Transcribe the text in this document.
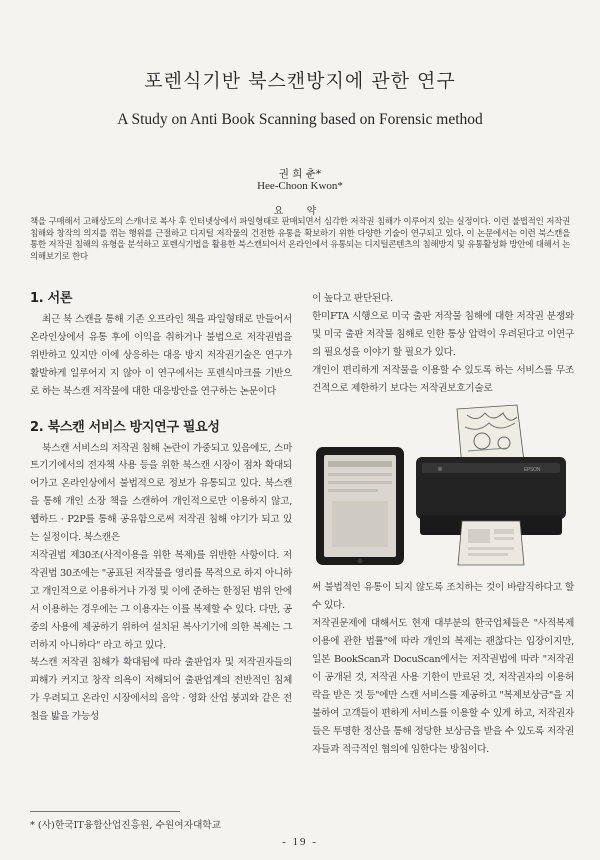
포렌식기반 북스캔방지에 관한 연구
A Study on Anti Book Scanning based on Forensic method
권 희 춘*
Hee-Choon Kwon*
요 약
책을 구매해서 고해상도의 스캐너로 복사 후 인터넷상에서 파일형태로 판매되면서 심각한 저작권 침해가 이루어지 있는 실정이다. 이런 불법적인 저작권 침해와 창작의 의지를 꺾는 행위를 근절하고 디지털 저작물의 건전한 유통을 확보하기 위한 다양한 기술이 연구되고 있다. 이 논문에서는 이런 북스캔을 통한 저작권 침해의 유형을 분석하고 포렌식기법을 활용한 북스캔되어서 온라인에서 유통되는 디지털콘텐츠의 침해방지 및 유통활성화 방안에 대해서 논의해보기로 한다
1. 서론

최근 북 스캔을 통해 기존 오프라인 책을 파일형태로 만들어서 온라인상에서 유통 후에 이익을 취하거나 불법으로 저작권법을 위반하고 있지만 이에 상응하는 대응 방지 저작권기술은 연구가 활발하게 일루어지 지 않아 이 연구에서는 포렌식마크를 기반으로 하는 북스캔 저작물에 대한 대응방안을 연구하는 논문이다

2. 북스캔 서비스 방지연구 필요성

북스캔 서비스의 저작권 침해 논란이 가중되고 있음에도, 스마트기기에서의 전자책 사용 등을 위한 북스캔 시장이 점차 확대되어가고 온라인상에서 불법적으로 정보가 유통되고 있다. 북스캔을 통해 개인 소장 책을 스캔하여 개인적으로만 이용하지 않고, 웹하드 · P2P를 통해 공유함으로써 저작권 침해 야기가 되고 있는 실정이다. 북스캔은

저작권법 제30조(사적이용을 위한 복제)를 위반한 사항이다. 저작권법 30조에는 "공표된 저작물을 영리를 목적으로 하지 아니하고 개인적으로 이용하거나 가정 및 이에 준하는 한정된 범위 안에서 이용하는 경우에는 그 이용자는 이를 복제할 수 있다. 다만, 공중의 사용에 제공하기 위하여 설치된 복사기기에 의한 복제는 그러하지 아니하다" 라고 하고 있다.

북스캔 저작권 침해가 확대됨에 따라 출판업자 및 저작권자들의 피해가 커지고 창작 의욕이 저해되어 출판업계의 전반적인 침체가 우려되고 온라인 시장에서의 음악 · 영화 산업 붕괴와 같은 전철을 밟을 가능성

이 높다고 판단된다.

한미FTA 시행으로 미국 출판 저작물 침해에 대한 저작권 분쟁와 및 미국 출판 저작물 침해로 인한 통상 압력이 우려된다고 이연구의 필요성을 이야기 할 필요가 있다.

개인이 편리하게 저작물을 이용할 수 있도록 하는 서비스를 무조건적으로 제한하기 보다는 저작권보호기술로

EPSON

써 불법적인 유통이 되지 않도록 조치하는 것이 바람직하다고 할 수 있다.

저작권문제에 대해서도 현재 대부분의 한국업체들은 "사적복제 이용에 관한 법률"에 따라 개인의 복제는 괜찮다는 입장이지만, 일본 BookScan과 DocuScan에서는 저작권법에 따라 "저작권이 공개된 것, 저작권 사용 기한이 만료된 것, 저작권자의 이용허락을 받은 것 등"에만 스캔 서비스를 제공하고 "복제보상금"을 지불하여 고객들이 편하게 서비스를 이용할 수 있게 하고, 저작권자들은 투명한 정산을 통해 정당한 보상금을 받을 수 있도록 저작권자들과 적극적인 협의에 임한다는 방침이다.

* (사)한국IT융합산업진흥원, 수원여자대학교
- 19 -
